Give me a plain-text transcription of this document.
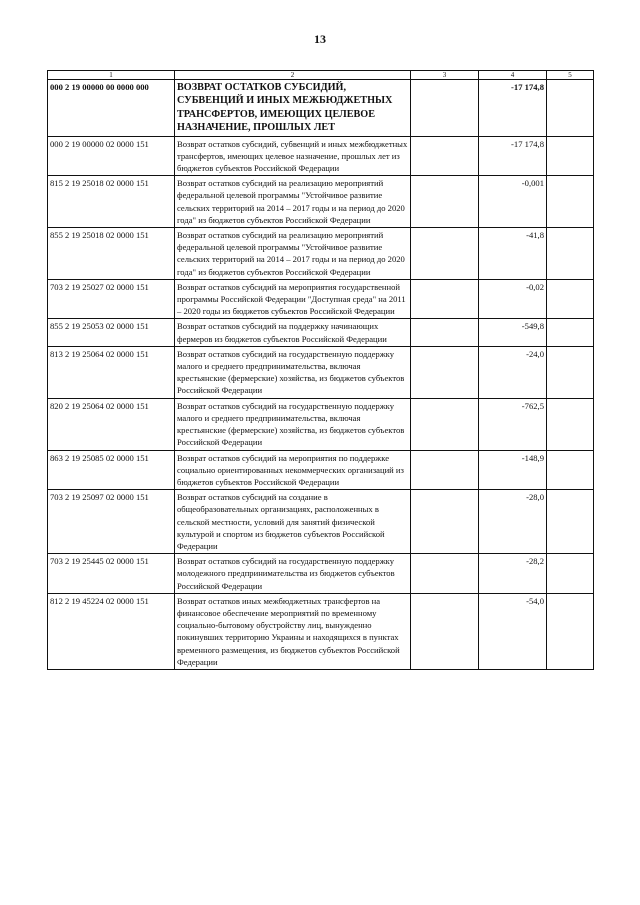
13
1	2	3	4	5
000 2 19 00000 00 0000 000	ВОЗВРАТ ОСТАТКОВ СУБСИДИЙ, СУБВЕНЦИЙ И ИНЫХ МЕЖБЮДЖЕТНЫХ ТРАНСФЕРТОВ, ИМЕЮЩИХ ЦЕЛЕВОЕ НАЗНАЧЕНИЕ, ПРОШЛЫХ ЛЕТ		-17 174,8	
000 2 19 00000 02 0000 151	Возврат остатков субсидий, субвенций и иных межбюджетных трансфертов, имеющих целевое назначение, прошлых лет из бюджетов субъектов Российской Федерации		-17 174,8	
815 2 19 25018 02 0000 151	Возврат остатков субсидий на реализацию мероприятий федеральной целевой программы "Устойчивое развитие сельских территорий на 2014 – 2017 годы и на период до 2020 года" из бюджетов субъектов Российской Федерации		-0,001	
855 2 19 25018 02 0000 151	Возврат остатков субсидий на реализацию мероприятий федеральной целевой программы "Устойчивое развитие сельских территорий на 2014 – 2017 годы и на период до 2020 года" из бюджетов субъектов Российской Федерации		-41,8	
703 2 19 25027 02 0000 151	Возврат остатков субсидий на мероприятия государственной программы Российской Федерации "Доступная среда" на 2011 – 2020 годы из бюджетов субъектов Российской Федерации		-0,02	
855 2 19 25053 02 0000 151	Возврат остатков субсидий на поддержку начинающих фермеров из бюджетов субъектов Российской Федерации		-549,8	
813 2 19 25064 02 0000 151	Возврат остатков субсидий на государственную поддержку малого и среднего предпринимательства, включая крестьянские (фермерские) хозяйства, из бюджетов субъектов Российской Федерации		-24,0	
820 2 19 25064 02 0000 151	Возврат остатков субсидий на государственную поддержку малого и среднего предпринимательства, включая крестьянские (фермерские) хозяйства, из бюджетов субъектов Российской Федерации		-762,5	
863 2 19 25085 02 0000 151	Возврат остатков субсидий на мероприятия по поддержке социально ориентированных некоммерческих организаций из бюджетов субъектов Российской Федерации		-148,9	
703 2 19 25097 02 0000 151	Возврат остатков субсидий на создание в общеобразовательных организациях, расположенных в сельской местности, условий для занятий физической культурой и спортом из бюджетов субъектов Российской Федерации		-28,0	
703 2 19 25445 02 0000 151	Возврат остатков субсидий на государственную поддержку молодежного предпринимательства из бюджетов субъектов Российской Федерации		-28,2	
812 2 19 45224 02 0000 151	Возврат остатков иных межбюджетных трансфертов на финансовое обеспечение мероприятий по временному социально-бытовому обустройству лиц, вынужденно покинувших территорию Украины и находящихся в пунктах временного размещения, из бюджетов субъектов Российской Федерации		-54,0	
